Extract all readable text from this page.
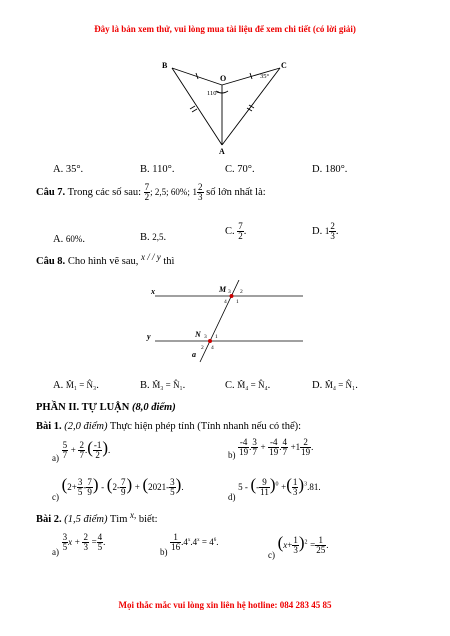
Đây là bản xem thử, vui lòng mua tài liệu để xem chi tiết (có lời giải)
B	C
O
A
110°
35°
A. 35°.	B. 110°.	C. 70°.	D. 180°.
Câu 7. Trong các số sau: $\frac{7}{2}$ ; 2,5; 60%; $1 \frac{2}{3}$ số lớn nhất là:
A. 60%.	B. 2,5.
C. $\frac{7}{2}$ .	D. $1 \frac{2}{3}$ .
Câu 8. Cho hình vẽ sau, x / / y thì
x
y
a
M 3 2
4 1
N 3 1
2 4
A. M̂₁ = N̂₃.	B. M̂₃ = N̂₁.	C. M̂₄ = N̂₄.	D. M̂₄ = N̂₁.
PHẦN II. TỰ LUẬN (8,0 điểm)
Bài 1. (2,0 điểm) Thực hiện phép tính (Tính nhanh nếu có thể):
$a) \frac{5}{7} + \frac{2}{7}$ .( $\frac{-1}{2}$ ).	$b) \frac{-4}{19}$ . $\frac{3}{7} + \frac{-4}{19}$ . $\frac{4}{7} +1 \frac{2}{19}$ .
c) ($2+ \frac{3}{5} - \frac{7}{9}$ ) - ($2- \frac{7}{9}$ ) + ($2021- \frac{3}{5}$ ).
d) 5 - (- $\frac{9}{11} )^0$ +( $\frac{1}{3} )^3.81$.
Bài 2. (1,5 điểm) Tìm x, biết:
$a) \frac{3}{5}$ $x + \frac{2}{3} = \frac{4}{5}$ .
$b) \frac{1}{16} .4^x.4^x = 4^6$.
c) $(x+ \frac{1}{3} )^2 = \frac{1}{25}$ .
Mọi thắc mắc vui lòng xin liên hệ hotline: 084 283 45 85
